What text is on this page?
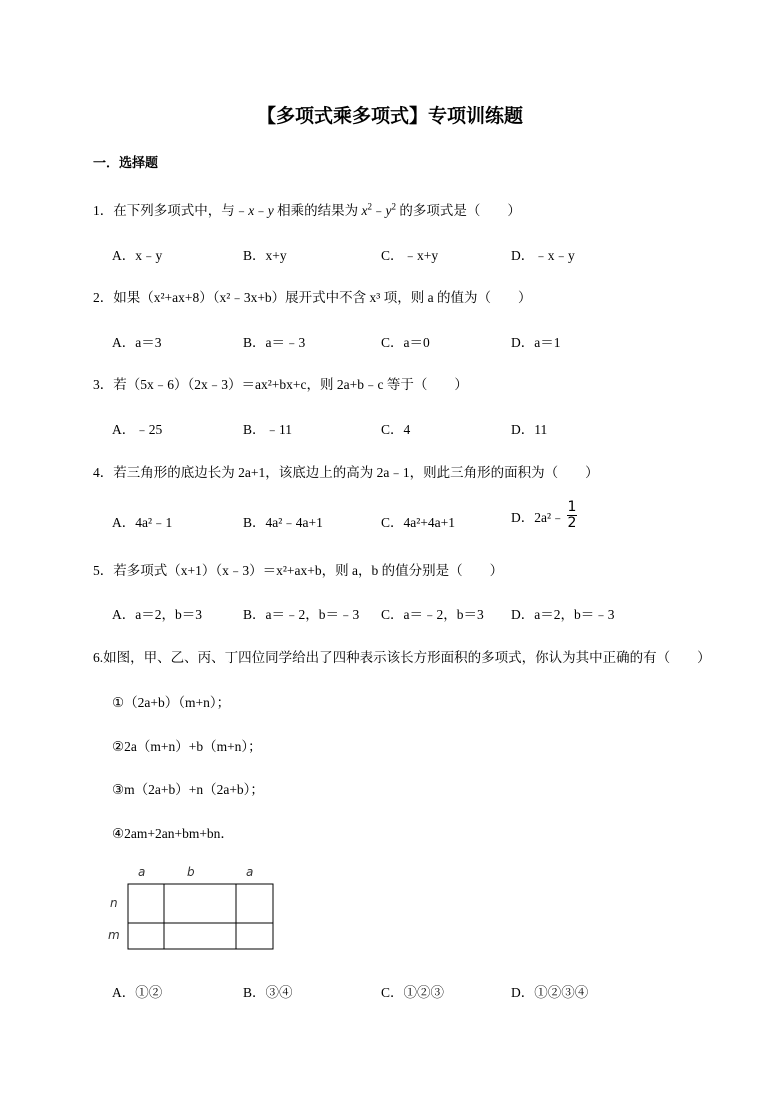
【多项式乘多项式】专项训练题
一．选择题
1．在下列多项式中，与﹣x﹣y 相乘的结果为 $x^2﹣y^2$ 的多项式是（　　）
A．x﹣y	B．x+y	C．﹣x+y	D．﹣x﹣y
2．如果（x²+ax+8）（x²﹣3x+b）展开式中不含 x³ 项，则 a 的值为（　　）
A．a＝3	B．a＝﹣3	C．a＝0	D．a＝1
3．若（5x﹣6）（2x﹣3）＝ax²+bx+c，则 2a+b﹣c 等于（　　）
A．﹣25	B．﹣11	C．4	D．11
4．若三角形的底边长为 2a+1，该底边上的高为 2a﹣1，则此三角形的面积为（　　）
A．4a²﹣1	B．4a²﹣4a+1	C．4a²+4a+1	D．2a²﹣ $\frac{1}{2}$
5．若多项式（x+1）（x﹣3）＝x²+ax+b，则 a，b 的值分别是（　　）
A．a＝2，b＝3	B．a＝﹣2，b＝﹣3 C．a＝﹣2，b＝3 D．a＝2，b＝﹣3
6.如图，甲、乙、丙、丁四位同学给出了四种表示该长方形面积的多项式，你认为其中正确的有（　　）
①（2a+b）（m+n）；
②2a（m+n）+b（m+n）；
③m（2a+b）+n（2a+b）；
④2am+2an+bm+bn．
a	b	a
n
m
A．①②	B．③④	C．①②③	D．①②③④
